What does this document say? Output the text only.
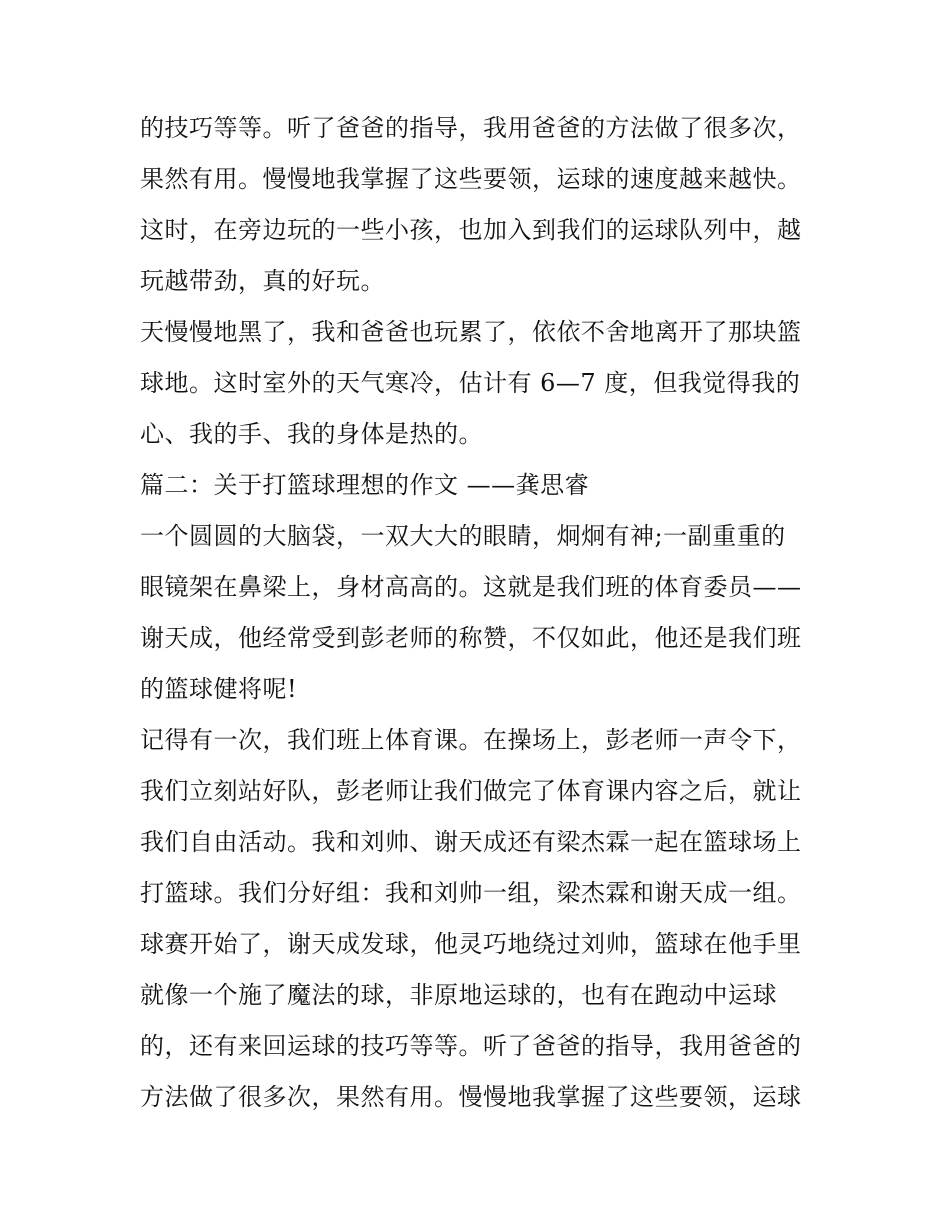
的技巧等等。听了爸爸的指导，我用爸爸的方法做了很多次，
果然有用。慢慢地我掌握了这些要领，运球的速度越来越快。
这时，在旁边玩的一些小孩，也加入到我们的运球队列中，越
玩越带劲，真的好玩。
天慢慢地黑了，我和爸爸也玩累了，依依不舍地离开了那块篮
球地。这时室外的天气寒冷，估计有 6—7 度，但我觉得我的
心、我的手、我的身体是热的。
篇二：关于打篮球理想的作文 ——龚思睿
一个圆圆的大脑袋，一双大大的眼睛，炯炯有神;一副重重的
眼镜架在鼻梁上，身材高高的。这就是我们班的体育委员——
谢天成，他经常受到彭老师的称赞，不仅如此，他还是我们班
的篮球健将呢!
记得有一次，我们班上体育课。在操场上，彭老师一声令下，
我们立刻站好队，彭老师让我们做完了体育课内容之后，就让
我们自由活动。我和刘帅、谢天成还有梁杰霖一起在篮球场上
打篮球。我们分好组：我和刘帅一组，梁杰霖和谢天成一组。
球赛开始了，谢天成发球，他灵巧地绕过刘帅，篮球在他手里
就像一个施了魔法的球，非原地运球的，也有在跑动中运球
的，还有来回运球的技巧等等。听了爸爸的指导，我用爸爸的
方法做了很多次，果然有用。慢慢地我掌握了这些要领，运球
